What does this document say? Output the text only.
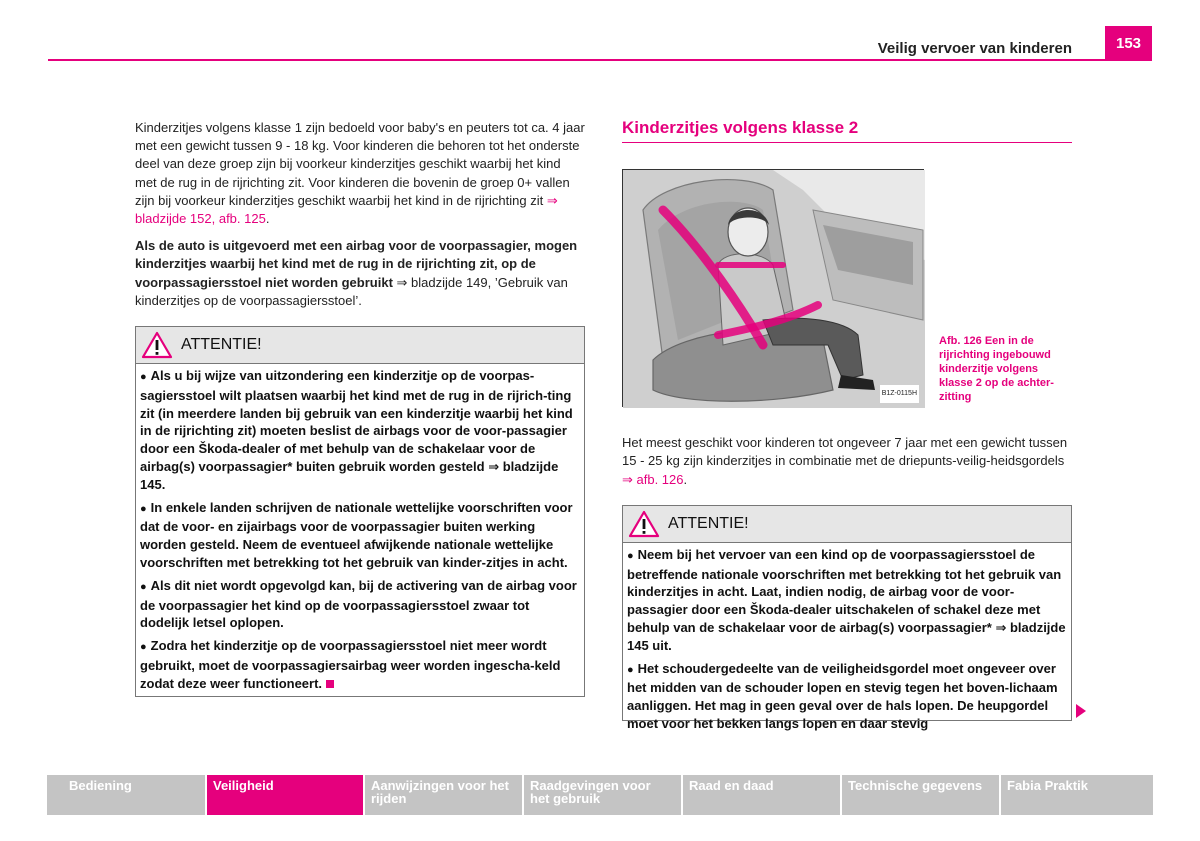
Veilig vervoer van kinderen	153

Kinderzitjes volgens klasse 1 zijn bedoeld voor baby's en peuters tot ca. 4 jaar met een gewicht tussen 9 - 18 kg. Voor kinderen die behoren tot het onderste deel van deze groep zijn bij voorkeur kinderzitjes geschikt waarbij het kind met de rug in de rijrichting zit. Voor kinderen die bovenin de groep 0+ vallen zijn bij voorkeur kinderzitjes geschikt waarbij het kind in de rijrichting zit ⇒ bladzijde 152, afb. 125.

Als de auto is uitgevoerd met een airbag voor de voorpassagier, mogen kinderzitjes waarbij het kind met de rug in de rijrichting zit, op de voorpassagiersstoel niet worden gebruikt ⇒ bladzijde 149, ’Gebruik van kinderzitjes op de voorpassagiersstoel’.

ATTENTIE!
● Als u bij wijze van uitzondering een kinderzitje op de voorpas-sagiersstoel wilt plaatsen waarbij het kind met de rug in de rijrich-ting zit (in meerdere landen bij gebruik van een kinderzitje waarbij het kind in de rijrichting zit) moeten beslist de airbags voor de voor-passagier door een Škoda-dealer of met behulp van de schakelaar voor de airbag(s) voorpassagier* buiten gebruik worden gesteld ⇒ bladzijde 145.
● In enkele landen schrijven de nationale wettelijke voorschriften voor dat de voor- en zijairbags voor de voorpassagier buiten werking worden gesteld. Neem de eventueel afwijkende nationale wettelijke voorschriften met betrekking tot het gebruik van kinder-zitjes in acht.
● Als dit niet wordt opgevolgd kan, bij de activering van de airbag voor de voorpassagier het kind op de voorpassagiersstoel zwaar tot dodelijk letsel oplopen.
● Zodra het kinderzitje op de voorpassagiersstoel niet meer wordt gebruikt, moet de voorpassagiersairbag weer worden ingescha-keld zodat deze weer functioneert.
Kinderzitjes volgens klasse 2
B1Z-0115H
Afb. 126 Een in de rijrichting ingebouwd kinderzitje volgens klasse 2 op de achter-zitting

Het meest geschikt voor kinderen tot ongeveer 7 jaar met een gewicht tussen 15 - 25 kg zijn kinderzitjes in combinatie met de driepunts-veilig-heidsgordels ⇒ afb. 126.

ATTENTIE!
● Neem bij het vervoer van een kind op de voorpassagiersstoel de betreffende nationale voorschriften met betrekking tot het gebruik van kinderzitjes in acht. Laat, indien nodig, de airbag voor de voor-passagier door een Škoda-dealer uitschakelen of schakel deze met behulp van de schakelaar voor de airbag(s) voorpassagier* ⇒ bladzijde 145 uit.
● Het schoudergedeelte van de veiligheidsgordel moet ongeveer over het midden van de schouder lopen en stevig tegen het boven-lichaam aanliggen. Het mag in geen geval over de hals lopen. De heupgordel moet voor het bekken langs lopen en daar stevig
Bediening	Veiligheid	Aanwijzingen voor het rijden
Raadgevingen voor het gebruik
Raad en daad	Technische gegevens	Fabia Praktik
